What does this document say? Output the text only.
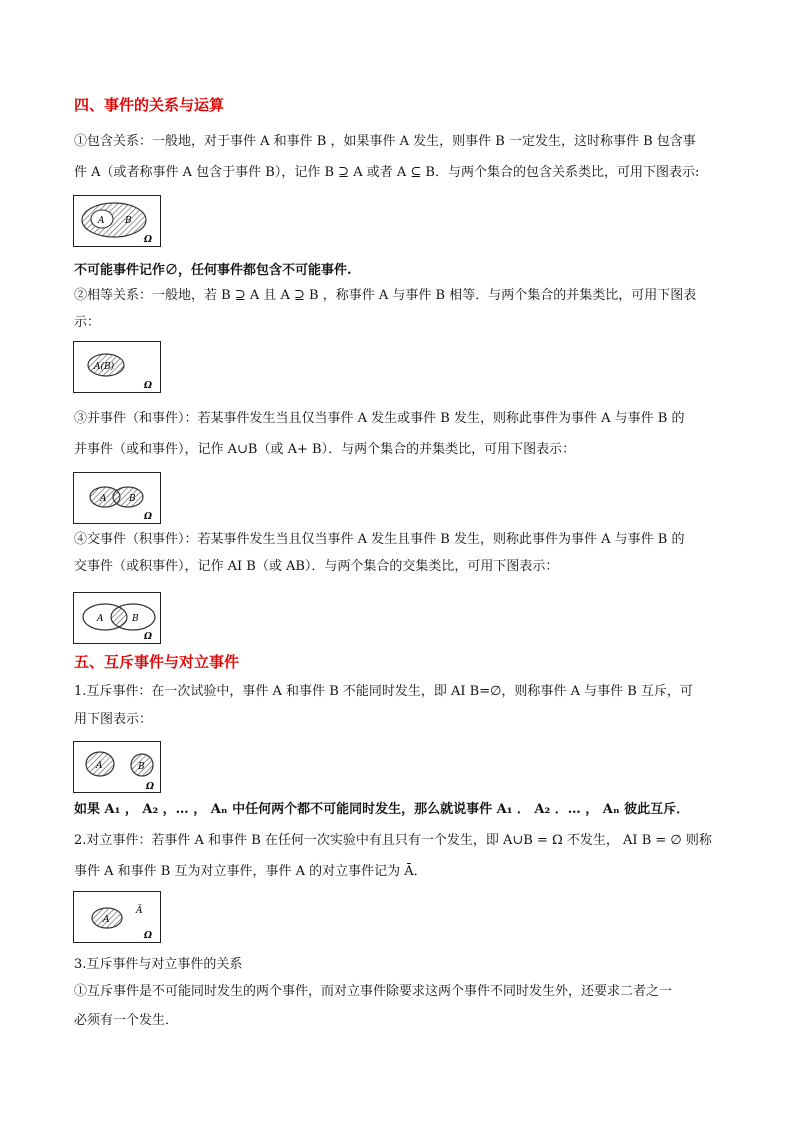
四、事件的关系与运算
①包含关系：一般地，对于事件 A 和事件 B ，如果事件 A 发生，则事件 B 一定发生，这时称事件 B 包含事
件 A（或者称事件 A 包含于事件 B），记作 B ⊇ A 或者 A ⊆ B．与两个集合的包含关系类比，可用下图表示:
A B
Ω
不可能事件记作∅，任何事件都包含不可能事件.
②相等关系：一般地，若 B ⊇ A 且 A ⊇ B ，称事件 A 与事件 B 相等．与两个集合的并集类比，可用下图表
示：
A(B)
Ω
③并事件（和事件）：若某事件发生当且仅当事件 A 发生或事件 B 发生，则称此事件为事件 A 与事件 B 的
并事件（或和事件），记作 A∪B（或 A+ B）．与两个集合的并集类比，可用下图表示：
A	B
Ω
④交事件（积事件）：若某事件发生当且仅当事件 A 发生且事件 B 发生，则称此事件为事件 A 与事件 B 的
交事件（或积事件），记作 AI B（或 AB）．与两个集合的交集类比，可用下图表示：
A	B
Ω
五、互斥事件与对立事件
1.互斥事件：在一次试验中，事件 A 和事件 B 不能同时发生，即 AI B=∅，则称事件 A 与事件 B 互斥，可
用下图表示：
A	B
Ω
如果 A₁ ， A₂ ，… ， Aₙ 中任何两个都不可能同时发生，那么就说事件 A₁ ． A₂ ．… ， Aₙ 彼此互斥．
2.对立事件：若事件 A 和事件 B 在任何一次实验中有且只有一个发生，即 A∪B = Ω 不发生， AI B = ∅ 则称
事件 A 和事件 B 互为对立事件，事件 A 的对立事件记为 Ā．
A
Ā
Ω
3.互斥事件与对立事件的关系
①互斥事件是不可能同时发生的两个事件，而对立事件除要求这两个事件不同时发生外，还要求二者之一
必须有一个发生．
